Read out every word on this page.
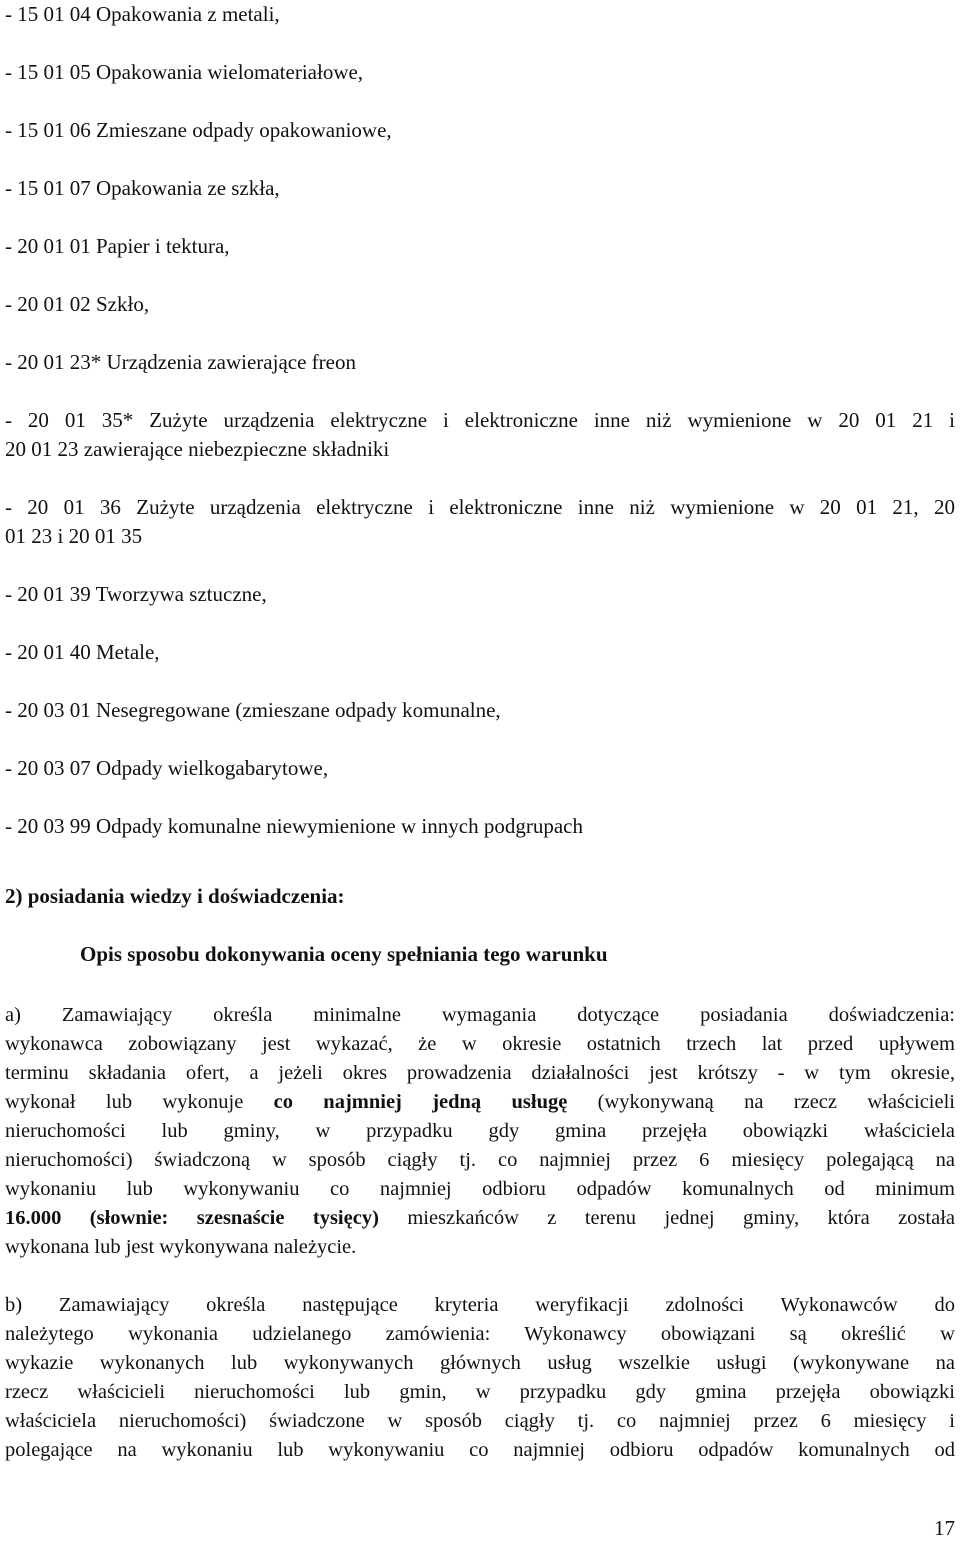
- 15 01 04 Opakowania z metali,
- 15 01 05 Opakowania wielomateriałowe,
- 15 01 06 Zmieszane odpady opakowaniowe,
- 15 01 07 Opakowania ze szkła,
- 20 01 01 Papier i tektura,
- 20 01 02 Szkło,
- 20 01 23* Urządzenia zawierające freon
- 20 01 35* Zużyte urządzenia elektryczne i elektroniczne inne niż wymienione w 20 01 21 i
20 01 23 zawierające niebezpieczne składniki
- 20 01 36 Zużyte urządzenia elektryczne i elektroniczne inne niż wymienione w 20 01 21, 20
01 23 i 20 01 35
- 20 01 39 Tworzywa sztuczne,
- 20 01 40 Metale,
- 20 03 01 Nesegregowane (zmieszane odpady komunalne,
- 20 03 07 Odpady wielkogabarytowe,
- 20 03 99 Odpady komunalne niewymienione w innych podgrupach
2) posiadania wiedzy i doświadczenia:
Opis sposobu dokonywania oceny spełniania tego warunku
a) Zamawiający określa minimalne wymagania dotyczące posiadania doświadczenia:
wykonawca zobowiązany jest wykazać, że w okresie ostatnich trzech lat przed upływem
terminu składania ofert, a jeżeli okres prowadzenia działalności jest krótszy - w tym okresie,
wykonał lub wykonuje co najmniej jedną usługę (wykonywaną na rzecz właścicieli
nieruchomości lub gminy, w przypadku gdy gmina przejęła obowiązki właściciela
nieruchomości) świadczoną w sposób ciągły tj. co najmniej przez 6 miesięcy polegającą na
wykonaniu lub wykonywaniu co najmniej odbioru odpadów komunalnych od minimum
16.000 (słownie: szesnaście tysięcy) mieszkańców z terenu jednej gminy, która została
wykonana lub jest wykonywana należycie.
b) Zamawiający określa następujące kryteria weryfikacji zdolności Wykonawców do
należytego wykonania udzielanego zamówienia: Wykonawcy obowiązani są określić w
wykazie wykonanych lub wykonywanych głównych usług wszelkie usługi (wykonywane na
rzecz właścicieli nieruchomości lub gmin, w przypadku gdy gmina przejęła obowiązki
właściciela nieruchomości) świadczone w sposób ciągły tj. co najmniej przez 6 miesięcy i
polegające na wykonaniu lub wykonywaniu co najmniej odbioru odpadów komunalnych od
17
